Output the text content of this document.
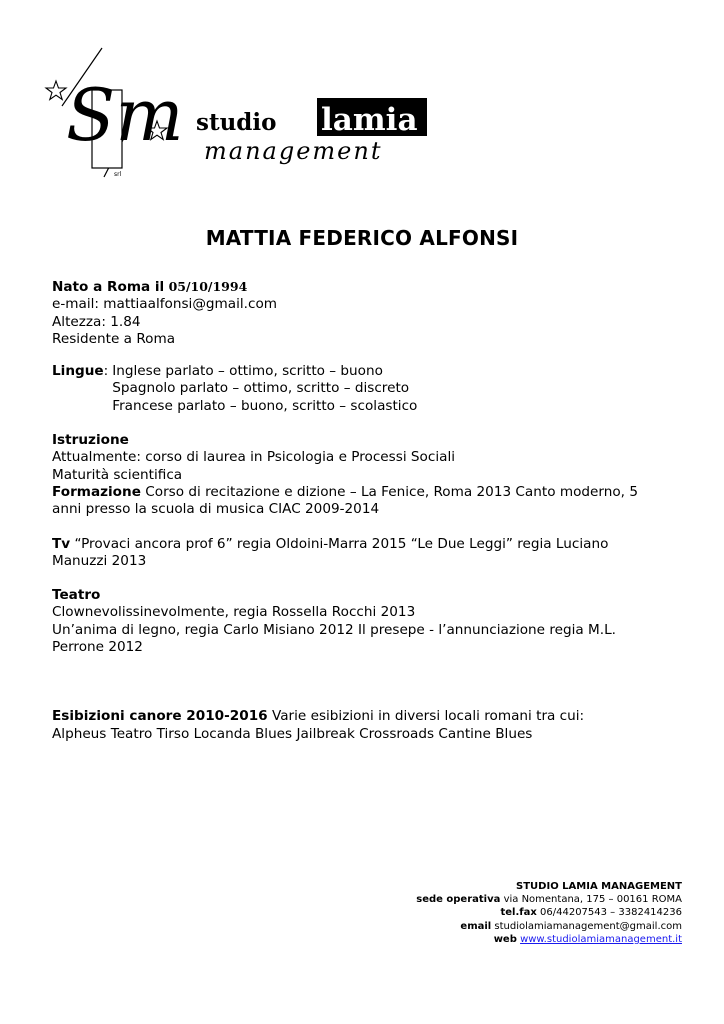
Sm
srl
studio lamia
management
MATTIA FEDERICO ALFONSI
Nato a Roma il 05/10/1994
e-mail: mattiaalfonsi@gmail.com
Altezza: 1.84
Residente a Roma
Lingue: Inglese parlato – ottimo, scritto – buono
Spagnolo parlato – ottimo, scritto – discreto
Francese parlato – buono, scritto – scolastico
Istruzione
Attualmente: corso di laurea in Psicologia e Processi Sociali
Maturità scientifica
Formazione Corso di recitazione e dizione – La Fenice, Roma 2013 Canto moderno, 5
anni presso la scuola di musica CIAC 2009-2014
Tv “Provaci ancora prof 6” regia Oldoini-Marra 2015 “Le Due Leggi” regia Luciano
Manuzzi 2013
Teatro
Clownevolissinevolmente, regia Rossella Rocchi 2013
Un’anima di legno, regia Carlo Misiano 2012 Il presepe - l’annunciazione regia M.L.
Perrone 2012
Esibizioni canore 2010-2016 Varie esibizioni in diversi locali romani tra cui:
Alpheus Teatro Tirso Locanda Blues Jailbreak Crossroads Cantine Blues
STUDIO LAMIA MANAGEMENT
sede operativa via Nomentana, 175 – 00161 ROMA
tel.fax 06/44207543 – 3382414236
email studiolamiamanagement@gmail.com
web www.studiolamiamanagement.it
